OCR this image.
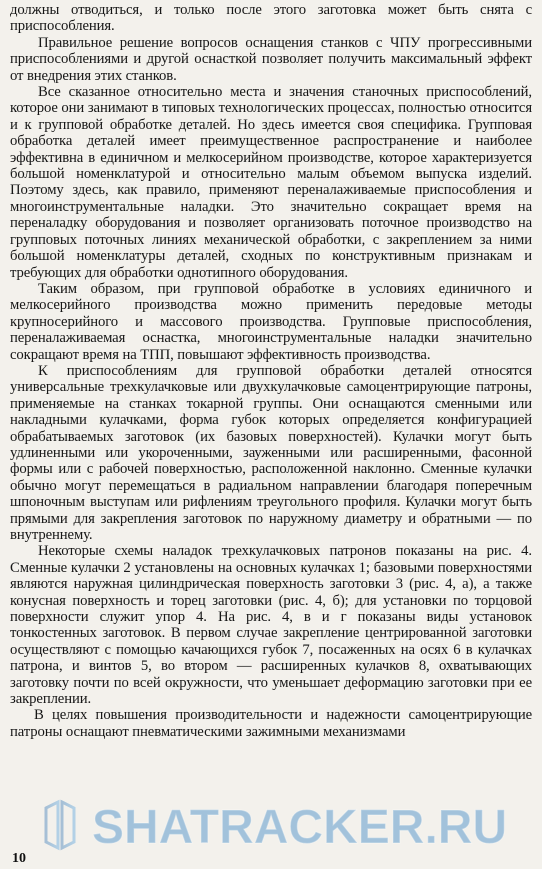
должны отводиться, и только после этого заготовка может быть снята с приспособления.

Правильное решение вопросов оснащения станков с ЧПУ прогрессивными приспособлениями и другой оснасткой позволяет получить максимальный эффект от внедрения этих станков.

Все сказанное относительно места и значения станочных приспособлений, которое они занимают в типовых технологических процессах, полностью относится и к групповой обработке деталей. Но здесь имеется своя специфика. Групповая обработка деталей имеет преимущественное распространение и наиболее эффективна в единичном и мелкосерийном производстве, которое характеризуется большой номенклатурой и относительно малым объемом выпуска изделий. Поэтому здесь, как правило, применяют переналаживаемые приспособления и многоинструментальные наладки. Это значительно сокращает время на переналадку оборудования и позволяет организовать поточное производство на групповых поточных линиях механической обработки, с закреплением за ними большой номенклатуры деталей, сходных по конструктивным признакам и требующих для обработки однотипного оборудования.

Таким образом, при групповой обработке в условиях единичного и мелкосерийного производства можно применить передовые методы крупносерийного и массового производства. Групповые приспособления, переналаживаемая оснастка, многоинструментальные наладки значительно сокращают время на ТПП, повышают эффективность производства.

К приспособлениям для групповой обработки деталей относятся универсальные трехкулачковые или двухкулачковые самоцентрирующие патроны, применяемые на станках токарной группы. Они оснащаются сменными или накладными кулачками, форма губок которых определяется конфигурацией обрабатываемых заготовок (их базовых поверхностей). Кулачки могут быть удлиненными или укороченными, зауженными или расширенными, фасонной формы или с рабочей поверхностью, расположенной наклонно. Сменные кулачки обычно могут перемещаться в радиальном направлении благодаря поперечным шпоночным выступам или рифлениям треугольного профиля. Кулачки могут быть прямыми для закрепления заготовок по наружному диаметру и обратными — по внутреннему.

Некоторые схемы наладок трехкулачковых патронов показаны на рис. 4. Сменные кулачки 2 установлены на основных кулачках 1; базовыми поверхностями являются наружная цилиндрическая поверхность заготовки 3 (рис. 4, а), а также конусная поверхность и торец заготовки (рис. 4, б); для установки по торцовой поверхности служит упор 4. На рис. 4, в и г показаны виды установок тонкостенных заготовок. В первом случае закрепление центрированной заготовки осуществляют с помощью качающихся губок 7, посаженных на осях 6 в кулачках патрона, и винтов 5, во втором — расширенных кулачков 8, охватывающих заготовку почти по всей окружности, что уменьшает деформацию заготовки при ее закреплении.

В целях повышения производительности и надежности самоцентрирующие патроны оснащают пневматическими зажимными механизмами

SHATRACKER.RU
10
